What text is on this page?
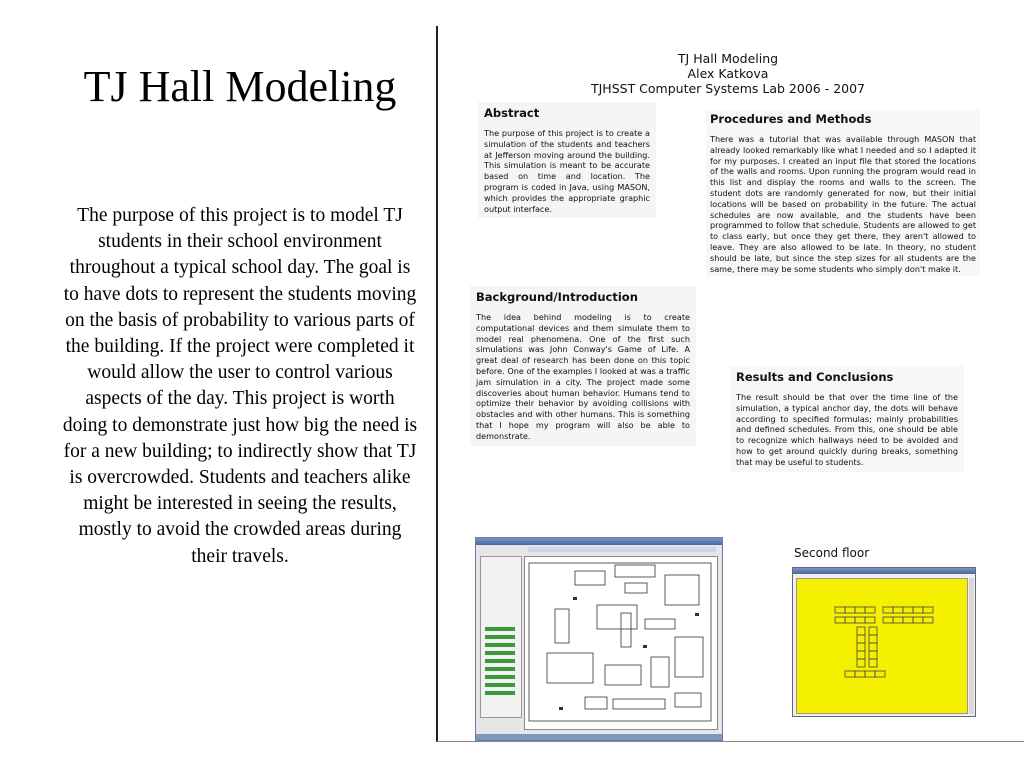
TJ Hall Modeling
The purpose of this project is to model TJ students in their school environment throughout a typical school day. The goal is to have dots to represent the students moving on the basis of probability to various parts of the building. If the project were completed it would allow the user to control various aspects of the day. This project is worth doing to demonstrate just how big the need is for a new building; to indirectly show that TJ is overcrowded. Students and teachers alike might be interested in seeing the results, mostly to avoid the crowded areas during their travels.
TJ Hall Modeling
Alex Katkova
TJHSST Computer Systems Lab 2006 - 2007
Abstract

The purpose of this project is to create a simulation of the students and teachers at Jefferson moving around the building. This simulation is meant to be accurate based on time and location. The program is coded in Java, using MASON, which provides the appropriate graphic output interface.

Background/Introduction

The idea behind modeling is to create computational devices and them simulate them to model real phenomena. One of the first such simulations was John Conway's Game of Life. A great deal of research has been done on this topic before. One of the examples I looked at was a traffic jam simulation in a city. The project made some discoveries about human behavior. Humans tend to optimize their behavior by avoiding collisions with obstacles and with other humans. This is something that I hope my program will also be able to demonstrate.

Procedures and Methods

There was a tutorial that was available through MASON that already looked remarkably like what I needed and so I adapted it for my purposes. I created an input file that stored the locations of the walls and rooms. Upon running the program would read in this list and display the rooms and walls to the screen. The student dots are randomly generated for now, but their initial locations will be based on probability in the future. The actual schedules are now available, and the students have been programmed to follow that schedule. Students are allowed to get to class early, but once they get there, they aren't allowed to leave. They are also allowed to be late. In theory, no student should be late, but since the step sizes for all students are the same, there may be some students who simply don't make it.

Results and Conclusions

The result should be that over the time line of the simulation, a typical anchor day, the dots will behave according to specified formulas; mainly probabilities and defined schedules. From this, one should be able to recognize which hallways need to be avoided and how to get around quickly during breaks, something that may be useful to students.

Second floor
